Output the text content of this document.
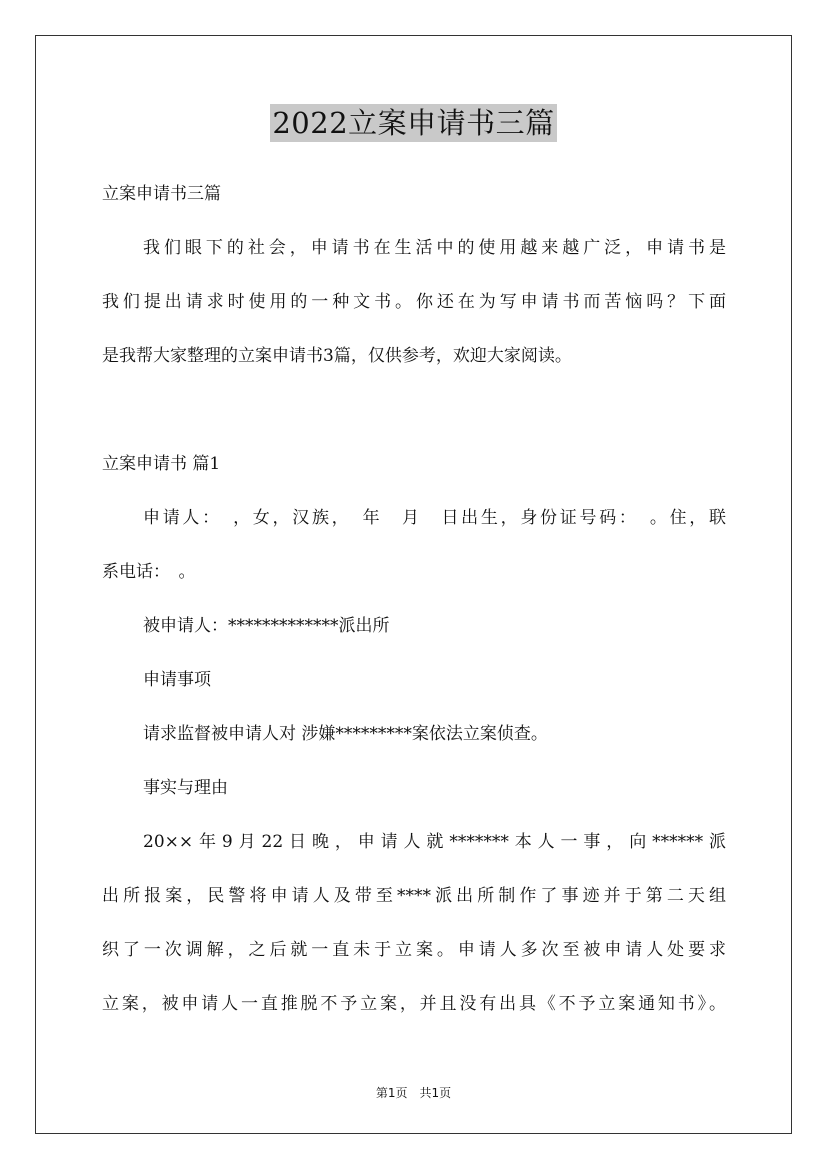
2022立案申请书三篇
立案申请书三篇
我们眼下的社会，申请书在生活中的使用越来越广泛，申请书是
我们提出请求时使用的一种文书。你还在为写申请书而苦恼吗？下面
是我帮大家整理的立案申请书3篇，仅供参考，欢迎大家阅读。
立案申请书 篇1
申请人：　，女，汉族，　年　月　日出生，身份证号码：　。住，联
系电话：　。
被申请人：*************派出所
申请事项
请求监督被申请人对 涉嫌*********案依法立案侦查。
事实与理由
20××年9月22日晚，申请人就*******本人一事，向******派
出所报案，民警将申请人及带至****派出所制作了事迹并于第二天组
织了一次调解，之后就一直未于立案。申请人多次至被申请人处要求
立案，被申请人一直推脱不予立案，并且没有出具《不予立案通知书》。
第1页　共1页
